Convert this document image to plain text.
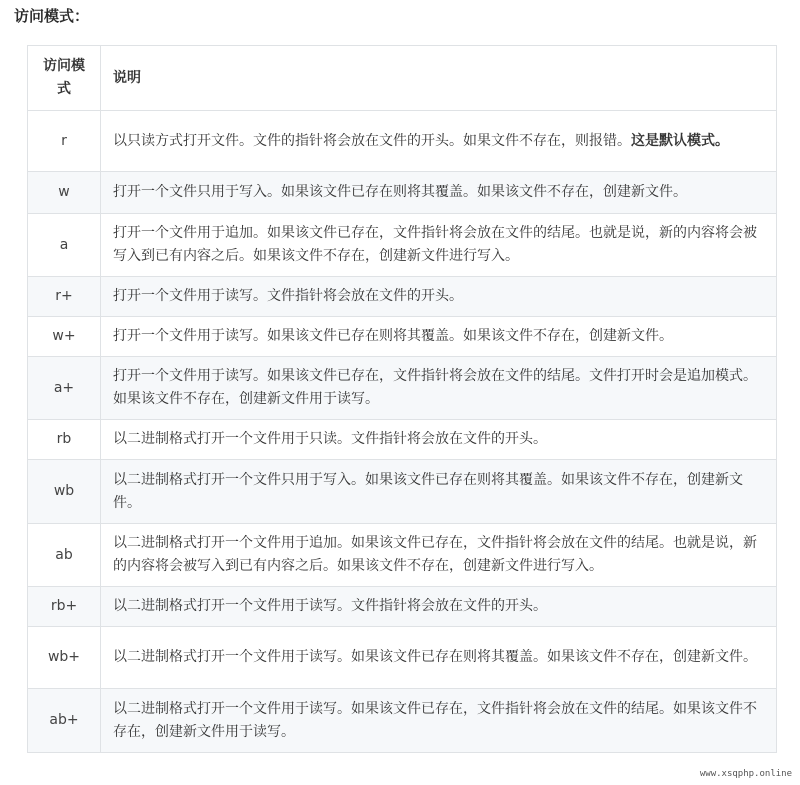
访问模式：
访问模式	说明
r	以只读方式打开文件。文件的指针将会放在文件的开头。如果文件不存在，则报错。这是默认模式。
w	打开一个文件只用于写入。如果该文件已存在则将其覆盖。如果该文件不存在，创建新文件。
a	打开一个文件用于追加。如果该文件已存在，文件指针将会放在文件的结尾。也就是说，新的内容将会被写入到已有内容之后。如果该文件不存在，创建新文件进行写入。
r+	打开一个文件用于读写。文件指针将会放在文件的开头。
w+	打开一个文件用于读写。如果该文件已存在则将其覆盖。如果该文件不存在，创建新文件。
a+	打开一个文件用于读写。如果该文件已存在，文件指针将会放在文件的结尾。文件打开时会是追加模式。如果该文件不存在，创建新文件用于读写。
rb	以二进制格式打开一个文件用于只读。文件指针将会放在文件的开头。
wb	以二进制格式打开一个文件只用于写入。如果该文件已存在则将其覆盖。如果该文件不存在，创建新文件。
ab	以二进制格式打开一个文件用于追加。如果该文件已存在，文件指针将会放在文件的结尾。也就是说，新的内容将会被写入到已有内容之后。如果该文件不存在，创建新文件进行写入。
rb+	以二进制格式打开一个文件用于读写。文件指针将会放在文件的开头。
wb+	以二进制格式打开一个文件用于读写。如果该文件已存在则将其覆盖。如果该文件不存在，创建新文件。
ab+	以二进制格式打开一个文件用于读写。如果该文件已存在，文件指针将会放在文件的结尾。如果该文件不存在，创建新文件用于读写。
www.xsqphp.online
